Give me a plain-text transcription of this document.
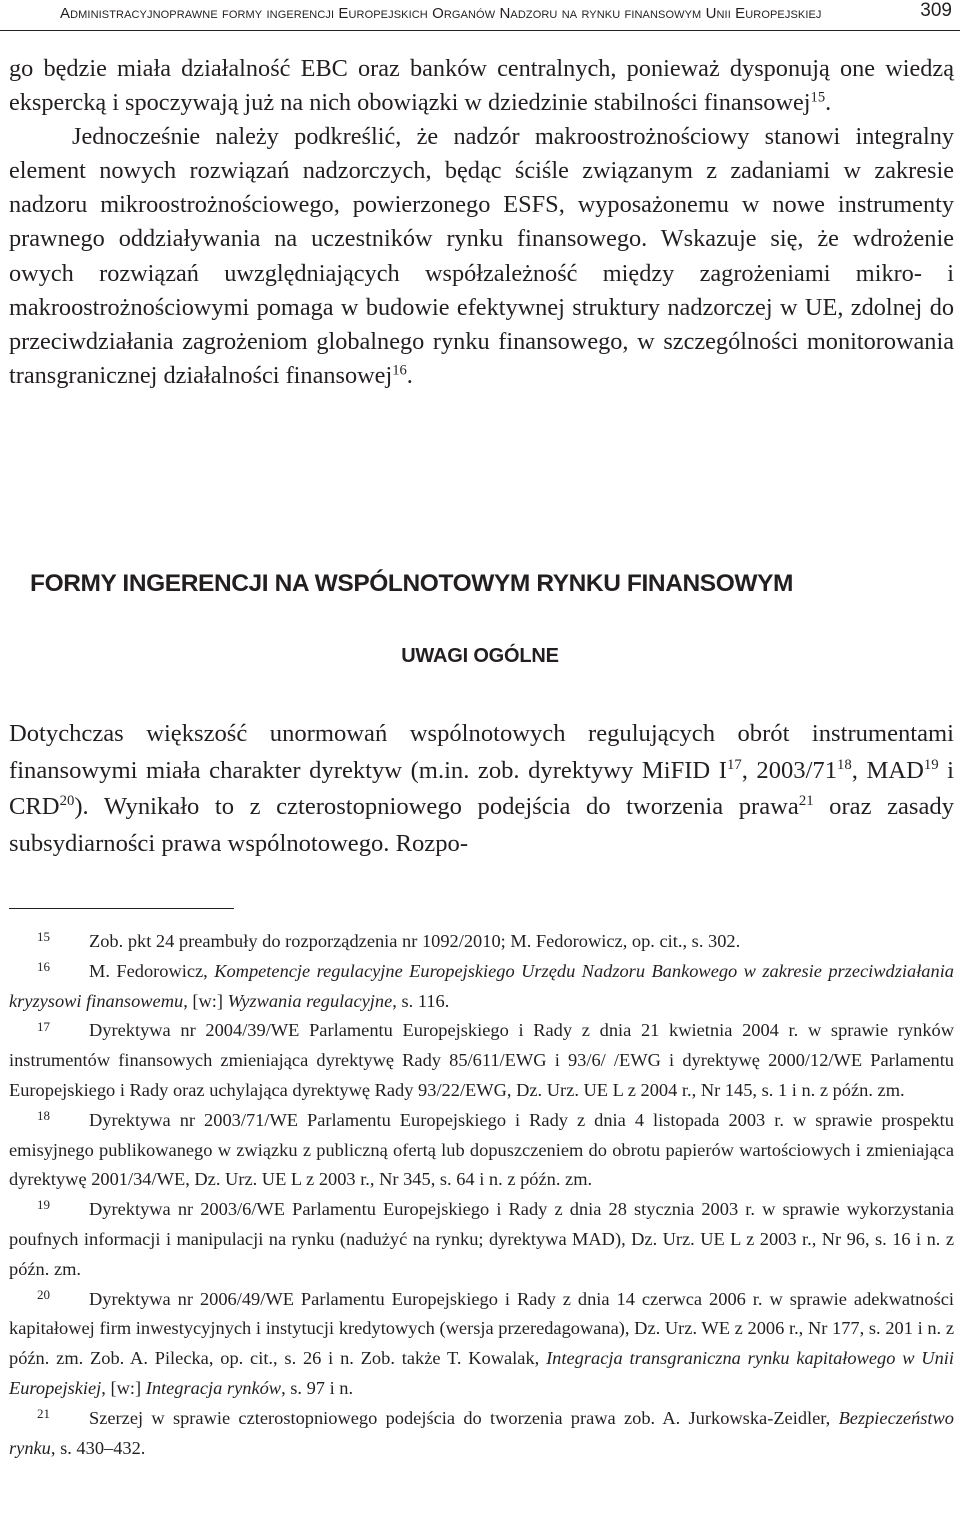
Administracyjnoprawne formy ingerencji Europejskich Organów Nadzoru na rynku finansowym Unii Europejskiej	309

go będzie miała działalność EBC oraz banków centralnych, ponieważ dysponują one wiedzą ekspercką i spoczywają już na nich obowiązki w dziedzinie stabilności finansowej$^{15}$.

Jednocześnie należy podkreślić, że nadzór makroostrożnościowy stanowi integralny element nowych rozwiązań nadzorczych, będąc ściśle związanym z zadaniami w zakresie nadzoru mikroostrożnościowego, powierzonego ESFS, wyposażonemu w nowe instrumenty prawnego oddziaływania na uczestników rynku finansowego. Wskazuje się, że wdrożenie owych rozwiązań uwzględniających współzależność między zagrożeniami mikro- i makroostrożnościowymi pomaga w budowie efektywnej struktury nadzorczej w UE, zdolnej do przeciwdziałania zagrożeniom globalnego rynku finansowego, w szczególności monitorowania transgranicznej działalności finansowej$^{16}$.

FORMY INGERENCJI NA WSPÓLNOTOWYM RYNKU FINANSOWYM
UWAGI OGÓLNE

Dotychczas większość unormowań wspólnotowych regulujących obrót instrumentami finansowymi miała charakter dyrektyw (m.in. zob. dyrektywy MiFID $I^{17}$, $2003/71^{18}$, MAD$^{19}$ i CRD$^{20}$). Wynikało to z czterostopniowego podejścia do tworzenia prawa$^{21}$ oraz zasady subsydiarności prawa wspólnotowego. Rozpo-

15 Zob. pkt 24 preambuły do rozporządzenia nr 1092/2010; M. Fedorowicz, op. cit., s. 302.

16 M. Fedorowicz, Kompetencje regulacyjne Europejskiego Urzędu Nadzoru Bankowego w zakresie przeciwdziałania kryzysowi finansowemu, [w:] Wyzwania regulacyjne, s. 116.

17 Dyrektywa nr 2004/39/WE Parlamentu Europejskiego i Rady z dnia 21 kwietnia 2004 r. w sprawie rynków instrumentów finansowych zmieniająca dyrektywę Rady 85/611/EWG i 93/6/ /EWG i dyrektywę 2000/12/WE Parlamentu Europejskiego i Rady oraz uchylająca dyrektywę Rady 93/22/EWG, Dz. Urz. UE L z 2004 r., Nr 145, s. 1 i n. z późn. zm.

18 Dyrektywa nr 2003/71/WE Parlamentu Europejskiego i Rady z dnia 4 listopada 2003 r. w sprawie prospektu emisyjnego publikowanego w związku z publiczną ofertą lub dopuszczeniem do obrotu papierów wartościowych i zmieniająca dyrektywę 2001/34/WE, Dz. Urz. UE L z 2003 r., Nr 345, s. 64 i n. z późn. zm.

19 Dyrektywa nr 2003/6/WE Parlamentu Europejskiego i Rady z dnia 28 stycznia 2003 r. w sprawie wykorzystania poufnych informacji i manipulacji na rynku (nadużyć na rynku; dyrektywa MAD), Dz. Urz. UE L z 2003 r., Nr 96, s. 16 i n. z późn. zm.

20 Dyrektywa nr 2006/49/WE Parlamentu Europejskiego i Rady z dnia 14 czerwca 2006 r. w sprawie adekwatności kapitałowej firm inwestycyjnych i instytucji kredytowych (wersja przeredagowana), Dz. Urz. WE z 2006 r., Nr 177, s. 201 i n. z późn. zm. Zob. A. Pilecka, op. cit., s. 26 i n. Zob. także T. Kowalak, Integracja transgraniczna rynku kapitałowego w Unii Europejskiej, [w:] Integracja rynków, s. 97 i n.

21 Szerzej w sprawie czterostopniowego podejścia do tworzenia prawa zob. A. Jurkowska-Zeidler, Bezpieczeństwo rynku, s. 430–432.
